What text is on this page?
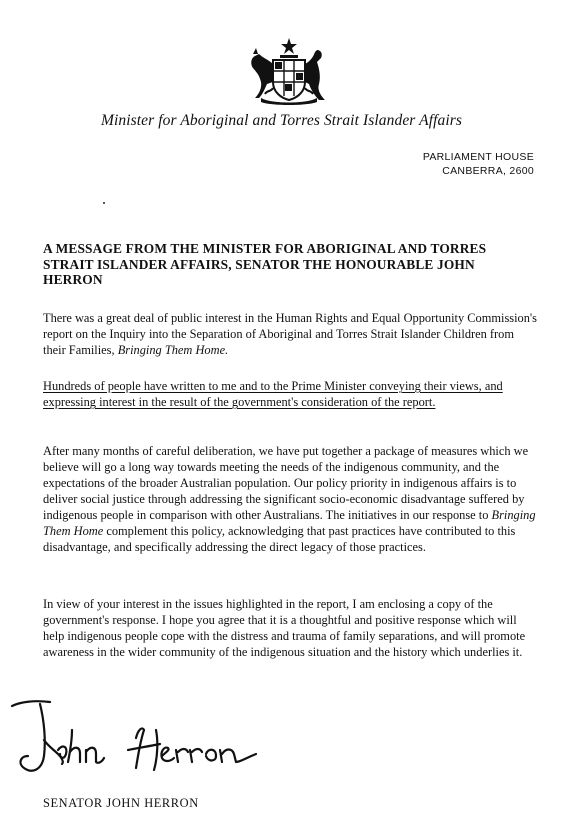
Minister for Aboriginal and Torres Strait Islander Affairs
PARLIAMENT HOUSE
CANBERRA, 2600
A MESSAGE FROM THE MINISTER FOR ABORIGINAL AND TORRES STRAIT ISLANDER AFFAIRS, SENATOR THE HONOURABLE JOHN HERRON
There was a great deal of public interest in the Human Rights and Equal Opportunity Commission's report on the Inquiry into the Separation of Aboriginal and Torres Strait Islander Children from their Families, Bringing Them Home.
Hundreds of people have written to me and to the Prime Minister conveying their views, and expressing interest in the result of the government's consideration of the report.
After many months of careful deliberation, we have put together a package of measures which we believe will go a long way towards meeting the needs of the indigenous community, and the expectations of the broader Australian population. Our policy priority in indigenous affairs is to deliver social justice through addressing the significant socio-economic disadvantage suffered by indigenous people in comparison with other Australians. The initiatives in our response to Bringing Them Home complement this policy, acknowledging that past practices have contributed to this disadvantage, and specifically addressing the direct legacy of those practices.
In view of your interest in the issues highlighted in the report, I am enclosing a copy of the government's response. I hope you agree that it is a thoughtful and positive response which will help indigenous people cope with the distress and trauma of family separations, and will promote awareness in the wider community of the indigenous situation and the history which underlies it.
SENATOR JOHN HERRON
